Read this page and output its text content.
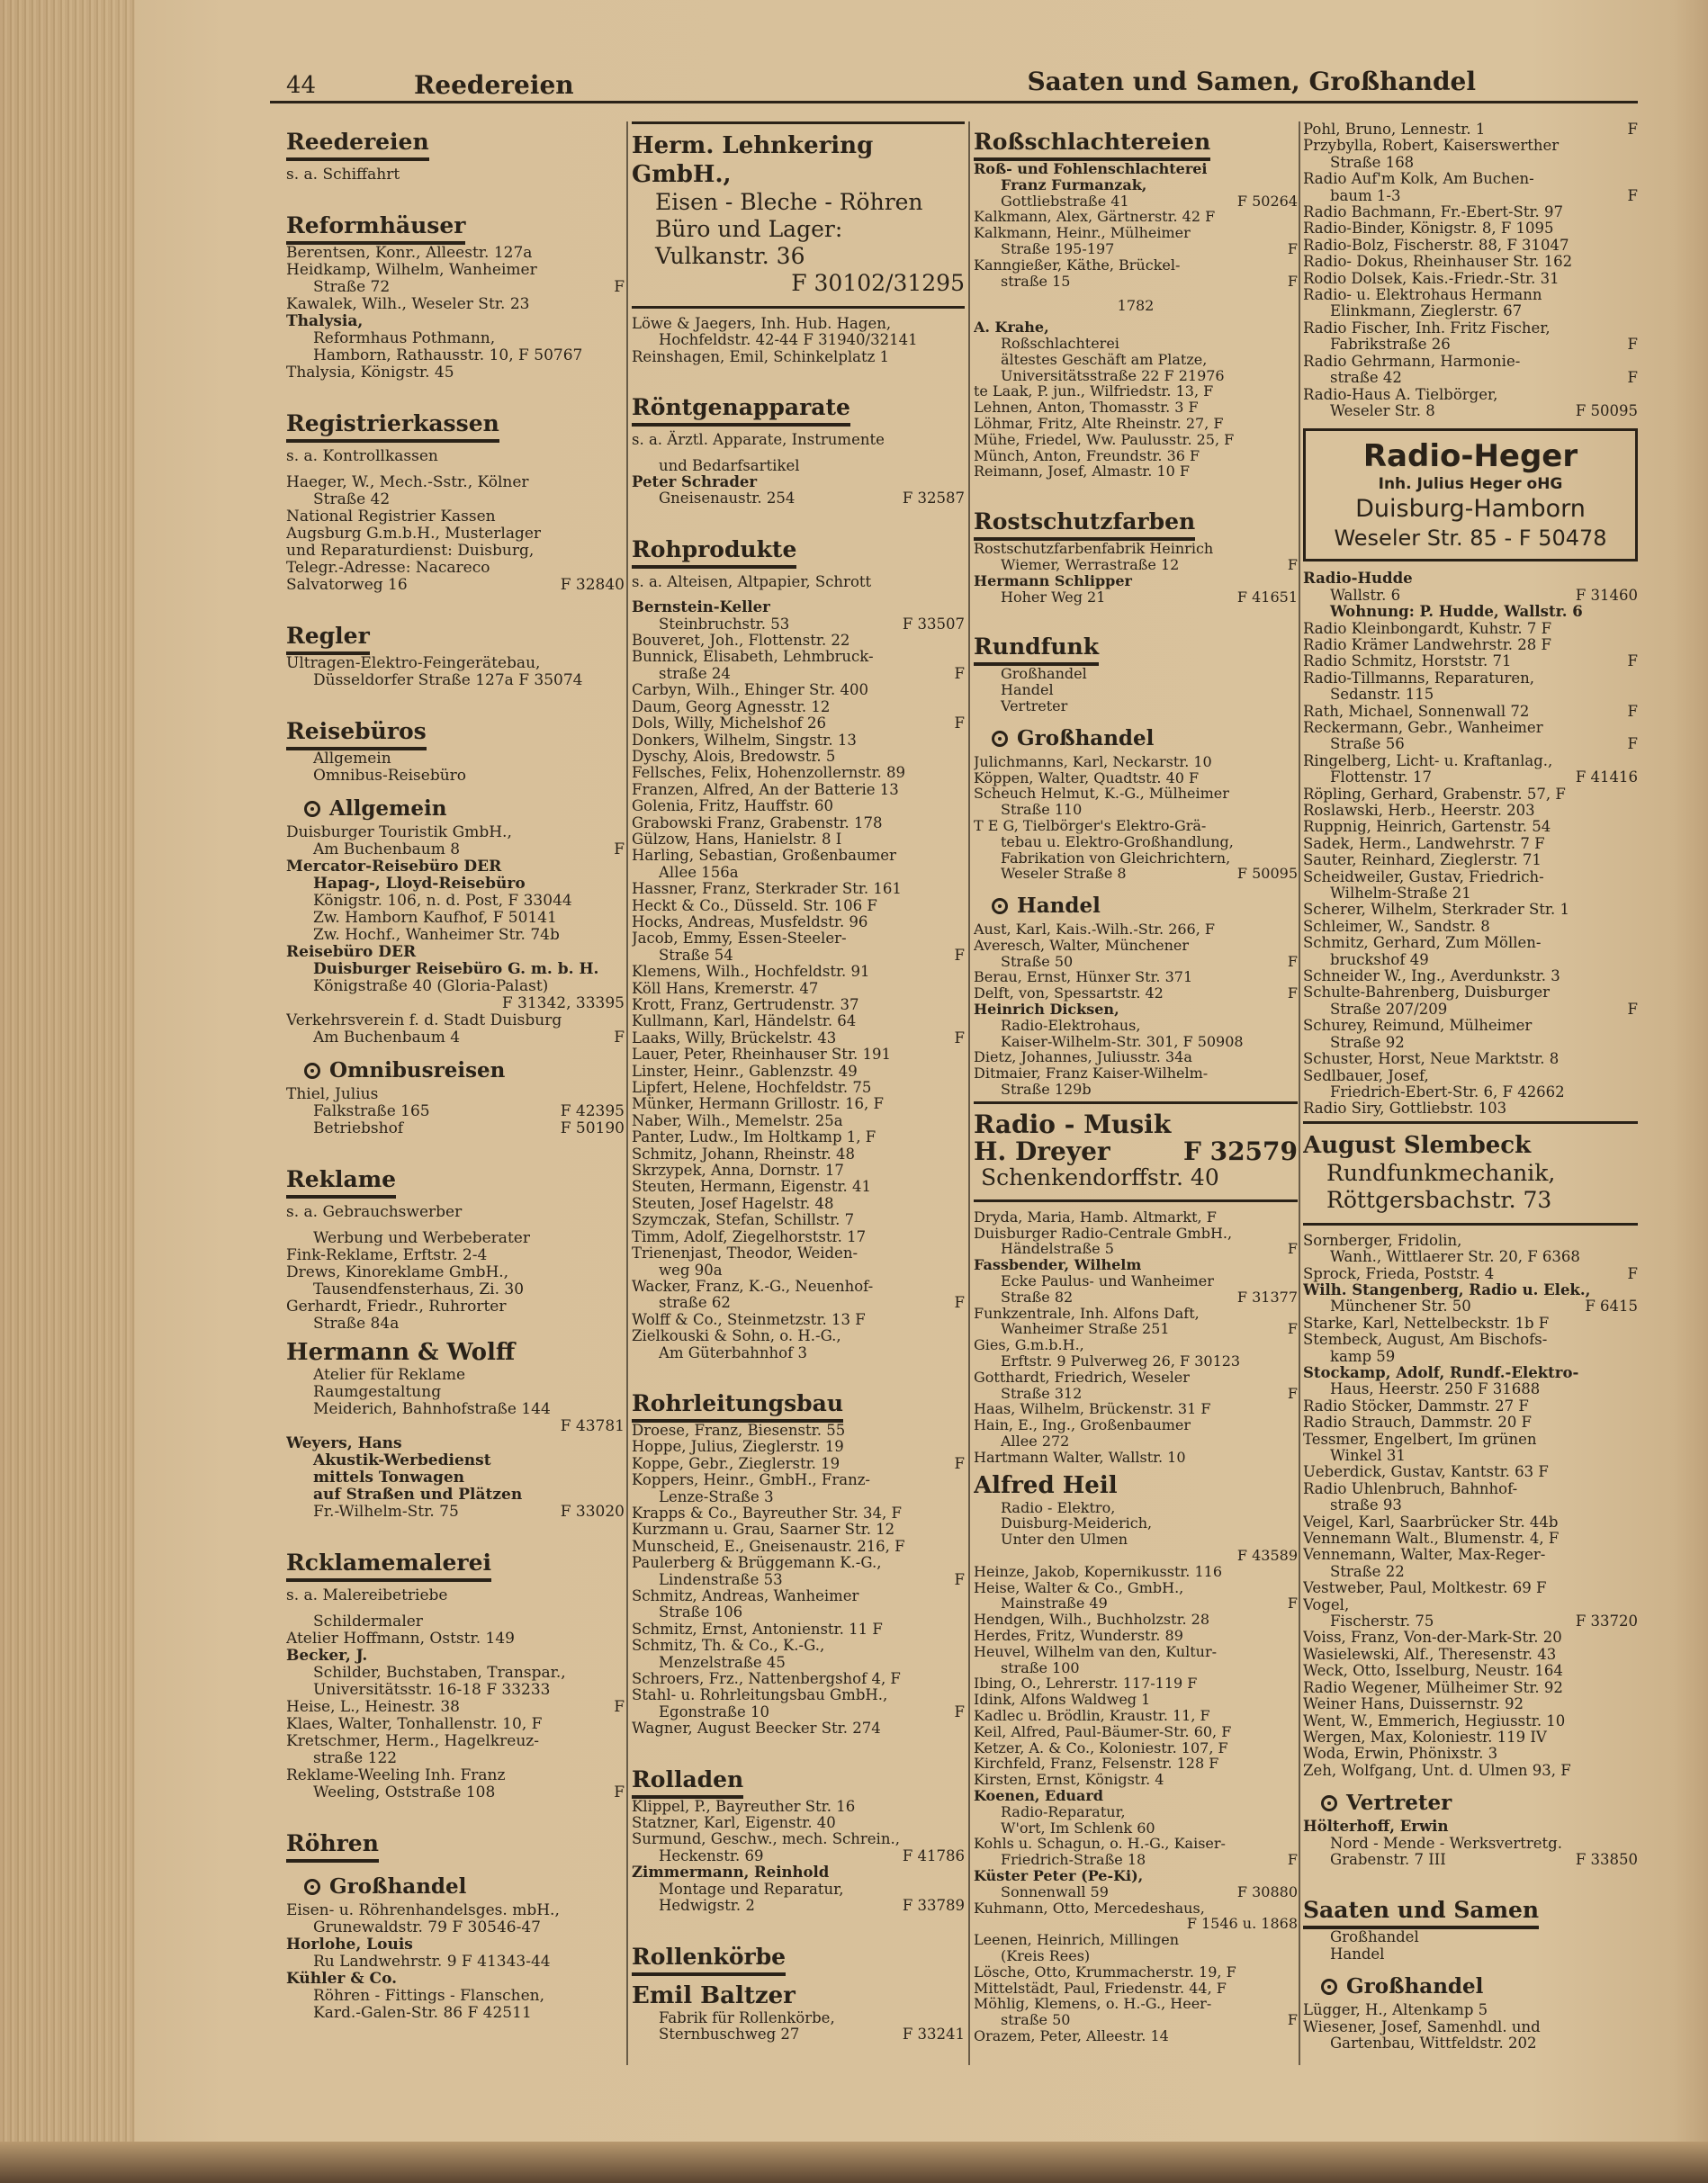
44	Reedereien	Saaten und Samen, Großhandel
Reedereien
s. a. Schiffahrt
Reformhäuser
Berentsen, Konr., Alleestr. 127a
Heidkamp, Wilhelm, Wanheimer
Straße 72	F
Kawalek, Wilh., Weseler Str. 23
Thalysia,
Reformhaus Pothmann,
Hamborn, Rathausstr. 10, F 50767
Thalysia, Königstr. 45
Registrierkassen
s. a. Kontrollkassen
Haeger, W., Mech.-Sstr., Kölner
Straße 42
National Registrier Kassen
Augsburg G.m.b.H., Musterlager
und Reparaturdienst: Duisburg,
Telegr.-Adresse: Nacareco
Salvatorweg 16	F 32840
Regler
Ultragen-Elektro-Feingerätebau,
Düsseldorfer Straße 127a F 35074
Reisebüros
Allgemein
Omnibus-Reisebüro
Allgemein
Duisburger Touristik GmbH.,
Am Buchenbaum 8	F
Mercator-Reisebüro DER
Hapag-, Lloyd-Reisebüro
Königstr. 106, n. d. Post, F 33044
Zw. Hamborn Kaufhof, F 50141
Zw. Hochf., Wanheimer Str. 74b
Reisebüro DER
Duisburger Reisebüro G. m. b. H.
Königstraße 40 (Gloria-Palast)
F 31342, 33395
Verkehrsverein f. d. Stadt Duisburg
Am Buchenbaum 4	F
Omnibusreisen
Thiel, Julius
Falkstraße 165	F 42395
Betriebshof	F 50190
Reklame
s. a. Gebrauchswerber
Werbung und Werbeberater
Fink-Reklame, Erftstr. 2-4
Drews, Kinoreklame GmbH.,
Tausendfensterhaus, Zi. 30
Gerhardt, Friedr., Ruhrorter
Straße 84a
Hermann & Wolff
Atelier für Reklame
Raumgestaltung
Meiderich, Bahnhofstraße 144
F 43781
Weyers, Hans
Akustik-Werbedienst
mittels Tonwagen
auf Straßen und Plätzen
Fr.-Wilhelm-Str. 75	F 33020
Rcklamemalerei
s. a. Malereibetriebe
Schildermaler
Atelier Hoffmann, Oststr. 149
Becker, J.
Schilder, Buchstaben, Transpar.,
Universitätsstr. 16-18 F 33233
Heise, L., Heinestr. 38	F
Klaes, Walter, Tonhallenstr. 10, F
Kretschmer, Herm., Hagelkreuz-
straße 122
Reklame-Weeling Inh. Franz
Weeling, Oststraße 108	F
Röhren
Großhandel
Eisen- u. Röhrenhandelsges. mbH.,
Grunewaldstr. 79 F 30546-47
Horlohe, Louis
Ru Landwehrstr. 9 F 41343-44
Kühler & Co.
Röhren - Fittings - Flanschen,
Kard.-Galen-Str. 86 F 42511
Herm. Lehnkering GmbH.,
Eisen - Bleche - Röhren
Büro und Lager:
Vulkanstr. 36
F 30102/31295
Löwe & Jaegers, Inh. Hub. Hagen,
Hochfeldstr. 42-44 F 31940/32141
Reinshagen, Emil, Schinkelplatz 1
Röntgenapparate
s. a. Ärztl. Apparate, Instrumente
und Bedarfsartikel
Peter Schrader
Gneisenaustr. 254	F 32587
Rohprodukte
s. a. Alteisen, Altpapier, Schrott
Bernstein-Keller
Steinbruchstr. 53	F 33507
Bouveret, Joh., Flottenstr. 22
Bunnick, Elisabeth, Lehmbruck-
straße 24	F
Carbyn, Wilh., Ehinger Str. 400
Daum, Georg Agnesstr. 12
Dols, Willy, Michelshof 26	F
Donkers, Wilhelm, Singstr. 13
Dyschy, Alois, Bredowstr. 5
Fellsches, Felix, Hohenzollernstr. 89
Franzen, Alfred, An der Batterie 13
Golenia, Fritz, Hauffstr. 60
Grabowski Franz, Grabenstr. 178
Gülzow, Hans, Hanielstr. 8 I
Harling, Sebastian, Großenbaumer
Allee 156a
Hassner, Franz, Sterkrader Str. 161
Heckt & Co., Düsseld. Str. 106 F
Hocks, Andreas, Musfeldstr. 96
Jacob, Emmy, Essen-Steeler-
Straße 54	F
Klemens, Wilh., Hochfeldstr. 91
Köll Hans, Kremerstr. 47
Krott, Franz, Gertrudenstr. 37
Kullmann, Karl, Händelstr. 64
Laaks, Willy, Brückelstr. 43	F
Lauer, Peter, Rheinhauser Str. 191
Linster, Heinr., Gablenzstr. 49
Lipfert, Helene, Hochfeldstr. 75
Münker, Hermann Grillostr. 16, F
Naber, Wilh., Memelstr. 25a
Panter, Ludw., Im Holtkamp 1, F
Schmitz, Johann, Rheinstr. 48
Skrzypek, Anna, Dornstr. 17
Steuten, Hermann, Eigenstr. 41
Steuten, Josef Hagelstr. 48
Szymczak, Stefan, Schillstr. 7
Timm, Adolf, Ziegelhorststr. 17
Trienenjast, Theodor, Weiden-
weg 90a
Wacker, Franz, K.-G., Neuenhof-
straße 62	F
Wolff & Co., Steinmetzstr. 13 F
Zielkouski & Sohn, o. H.-G.,
Am Güterbahnhof 3
Rohrleitungsbau
Droese, Franz, Biesenstr. 55
Hoppe, Julius, Zieglerstr. 19
Koppe, Gebr., Zieglerstr. 19	F
Koppers, Heinr., GmbH., Franz-
Lenze-Straße 3
Krapps & Co., Bayreuther Str. 34, F
Kurzmann u. Grau, Saarner Str. 12
Munscheid, E., Gneisenaustr. 216, F
Paulerberg & Brüggemann K.-G.,
Lindenstraße 53	F
Schmitz, Andreas, Wanheimer
Straße 106
Schmitz, Ernst, Antonienstr. 11 F
Schmitz, Th. & Co., K.-G.,
Menzelstraße 45
Schroers, Frz., Nattenbergshof 4, F
Stahl- u. Rohrleitungsbau GmbH.,
Egonstraße 10	F
Wagner, August Beecker Str. 274
Rolladen
Klippel, P., Bayreuther Str. 16
Statzner, Karl, Eigenstr. 40
Surmund, Geschw., mech. Schrein.,
Heckenstr. 69	F 41786
Zimmermann, Reinhold
Montage und Reparatur,
Hedwigstr. 2	F 33789
Rollenkörbe
Emil Baltzer
Fabrik für Rollenkörbe,
Sternbuschweg 27	F 33241
Roßschlachtereien
Roß- und Fohlenschlachterei
Franz Furmanzak,
Gottliebstraße 41	F 50264
Kalkmann, Alex, Gärtnerstr. 42 F
Kalkmann, Heinr., Mülheimer
Straße 195-197	F
Kanngießer, Käthe, Brückel-
straße 15	F
1782
A. Krahe,
Roßschlachterei
ältestes Geschäft am Platze,
Universitätsstraße 22 F 21976
te Laak, P. jun., Wilfriedstr. 13, F
Lehnen, Anton, Thomasstr. 3 F
Löhmar, Fritz, Alte Rheinstr. 27, F
Mühe, Friedel, Ww. Paulusstr. 25, F
Münch, Anton, Freundstr. 36 F
Reimann, Josef, Almastr. 10 F
Rostschutzfarben
Rostschutzfarbenfabrik Heinrich
Wiemer, Werrastraße 12	F
Hermann Schlipper
Hoher Weg 21	F 41651
Rundfunk
Großhandel
Handel
Vertreter
Großhandel
Julichmanns, Karl, Neckarstr. 10
Köppen, Walter, Quadtstr. 40 F
Scheuch Helmut, K.-G., Mülheimer
Straße 110
T E G, Tielbörger's Elektro-Grä-
tebau u. Elektro-Großhandlung,
Fabrikation von Gleichrichtern,
Weseler Straße 8	F 50095
Handel
Aust, Karl, Kais.-Wilh.-Str. 266, F
Averesch, Walter, Münchener
Straße 50	F
Berau, Ernst, Hünxer Str. 371
Delft, von, Spessartstr. 42	F
Heinrich Dicksen,
Radio-Elektrohaus,
Kaiser-Wilhelm-Str. 301, F 50908
Dietz, Johannes, Juliusstr. 34a
Ditmaier, Franz Kaiser-Wilhelm-
Straße 129b
Radio - Musik
H. Dreyer	F 32579
Schenkendorffstr. 40
Dryda, Maria, Hamb. Altmarkt, F
Duisburger Radio-Centrale GmbH.,
Händelstraße 5	F
Fassbender, Wilhelm
Ecke Paulus- und Wanheimer
Straße 82	F 31377
Funkzentrale, Inh. Alfons Daft,
Wanheimer Straße 251	F
Gies, G.m.b.H.,
Erftstr. 9 Pulverweg 26, F 30123
Gotthardt, Friedrich, Weseler
Straße 312	F
Haas, Wilhelm, Brückenstr. 31 F
Hain, E., Ing., Großenbaumer
Allee 272
Hartmann Walter, Wallstr. 10
Alfred Heil
Radio - Elektro,
Duisburg-Meiderich,
Unter den Ulmen
F 43589
Heinze, Jakob, Kopernikusstr. 116
Heise, Walter & Co., GmbH.,
Mainstraße 49	F
Hendgen, Wilh., Buchholzstr. 28
Herdes, Fritz, Wunderstr. 89
Heuvel, Wilhelm van den, Kultur-
straße 100
Ibing, O., Lehrerstr. 117-119 F
Idink, Alfons Waldweg 1
Kadlec u. Brödlin, Kraustr. 11, F
Keil, Alfred, Paul-Bäumer-Str. 60, F
Ketzer, A. & Co., Koloniestr. 107, F
Kirchfeld, Franz, Felsenstr. 128 F
Kirsten, Ernst, Königstr. 4
Koenen, Eduard
Radio-Reparatur,
W'ort, Im Schlenk 60
Kohls u. Schagun, o. H.-G., Kaiser-
Friedrich-Straße 18	F
Küster Peter (Pe-Ki),
Sonnenwall 59	F 30880
Kuhmann, Otto, Mercedeshaus,
F 1546 u. 1868
Leenen, Heinrich, Millingen
(Kreis Rees)
Lösche, Otto, Krummacherstr. 19, F
Mittelstädt, Paul, Friedenstr. 44, F
Möhlig, Klemens, o. H.-G., Heer-
straße 50	F
Orazem, Peter, Alleestr. 14
Pohl, Bruno, Lennestr. 1	F
Przybylla, Robert, Kaiserswerther
Straße 168
Radio Auf'm Kolk, Am Buchen-
baum 1-3	F
Radio Bachmann, Fr.-Ebert-Str. 97
Radio-Binder, Königstr. 8, F 1095
Radio-Bolz, Fischerstr. 88, F 31047
Radio- Dokus, Rheinhauser Str. 162
Rodio Dolsek, Kais.-Friedr.-Str. 31
Radio- u. Elektrohaus Hermann
Elinkmann, Zieglerstr. 67
Radio Fischer, Inh. Fritz Fischer,
Fabrikstraße 26	F
Radio Gehrmann, Harmonie-
straße 42	F
Radio-Haus A. Tielbörger,
Weseler Str. 8	F 50095
Radio-Heger
Inh. Julius Heger oHG
Duisburg-Hamborn
Weseler Str. 85 - F 50478
Radio-Hudde
Wallstr. 6	F 31460
Wohnung: P. Hudde, Wallstr. 6
Radio Kleinbongardt, Kuhstr. 7 F
Radio Krämer Landwehrstr. 28 F
Radio Schmitz, Horststr. 71	F
Radio-Tillmanns, Reparaturen,
Sedanstr. 115
Rath, Michael, Sonnenwall 72	F
Reckermann, Gebr., Wanheimer
Straße 56	F
Ringelberg, Licht- u. Kraftanlag.,
Flottenstr. 17	F 41416
Röpling, Gerhard, Grabenstr. 57, F
Roslawski, Herb., Heerstr. 203
Ruppnig, Heinrich, Gartenstr. 54
Sadek, Herm., Landwehrstr. 7 F
Sauter, Reinhard, Zieglerstr. 71
Scheidweiler, Gustav, Friedrich-
Wilhelm-Straße 21
Scherer, Wilhelm, Sterkrader Str. 1
Schleimer, W., Sandstr. 8
Schmitz, Gerhard, Zum Möllen-
bruckshof 49
Schneider W., Ing., Averdunkstr. 3
Schulte-Bahrenberg, Duisburger
Straße 207/209	F
Schurey, Reimund, Mülheimer
Straße 92
Schuster, Horst, Neue Marktstr. 8
Sedlbauer, Josef,
Friedrich-Ebert-Str. 6, F 42662
Radio Siry, Gottliebstr. 103
August Slembeck
Rundfunkmechanik,
Röttgersbachstr. 73
Sornberger, Fridolin,
Wanh., Wittlaerer Str. 20, F 6368
Sprock, Frieda, Poststr. 4	F
Wilh. Stangenberg, Radio u. Elek.,
Münchener Str. 50	F 6415
Starke, Karl, Nettelbeckstr. 1b F
Stembeck, August, Am Bischofs-
kamp 59
Stockamp, Adolf, Rundf.-Elektro-
Haus, Heerstr. 250 F 31688
Radio Stöcker, Dammstr. 27 F
Radio Strauch, Dammstr. 20 F
Tessmer, Engelbert, Im grünen
Winkel 31
Ueberdick, Gustav, Kantstr. 63 F
Radio Uhlenbruch, Bahnhof-
straße 93
Veigel, Karl, Saarbrücker Str. 44b
Vennemann Walt., Blumenstr. 4, F
Vennemann, Walter, Max-Reger-
Straße 22
Vestweber, Paul, Moltkestr. 69 F
Vogel,
Fischerstr. 75	F 33720
Voiss, Franz, Von-der-Mark-Str. 20
Wasielewski, Alf., Theresenstr. 43
Weck, Otto, Isselburg, Neustr. 164
Radio Wegener, Mülheimer Str. 92
Weiner Hans, Duissernstr. 92
Went, W., Emmerich, Hegiusstr. 10
Wergen, Max, Koloniestr. 119 IV
Woda, Erwin, Phönixstr. 3
Zeh, Wolfgang, Unt. d. Ulmen 93, F
Vertreter
Hölterhoff, Erwin
Nord - Mende - Werksvertretg.
Grabenstr. 7 III	F 33850
Saaten und Samen
Großhandel
Handel
Großhandel
Lügger, H., Altenkamp 5
Wiesener, Josef, Samenhdl. und
Gartenbau, Wittfeldstr. 202
